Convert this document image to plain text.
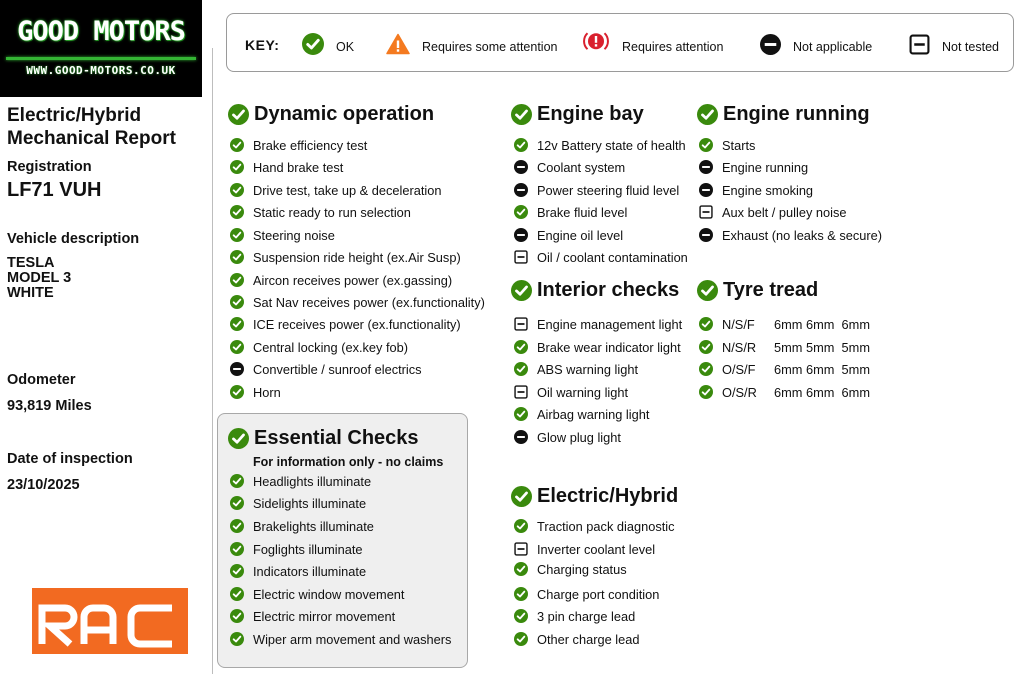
GOOD MOTORS
WWW.GOOD-MOTORS.CO.UK
Electric/Hybrid
Mechanical Report
Registration
LF71 VUH
Vehicle description
TESLA
MODEL 3
WHITE
Odometer
93,819 Miles
Date of inspection
23/10/2025
KEY:	OK	Requires some attention	Requires attention	Not applicable	Not tested
Dynamic operation
Brake efficiency test
Hand brake test
Drive test, take up & deceleration
Static ready to run selection
Steering noise
Suspension ride height (ex.Air Susp)
Aircon receives power (ex.gassing)
Sat Nav receives power (ex.functionality)
ICE receives power (ex.functionality)
Central locking (ex.key fob)
Convertible / sunroof electrics
Horn
Essential Checks
For information only - no claims
Headlights illuminate
Sidelights illuminate
Brakelights illuminate
Foglights illuminate
Indicators illuminate
Electric window movement
Electric mirror movement
Wiper arm movement and washers
Engine bay
12v Battery state of health
Coolant system
Power steering fluid level
Brake fluid level
Engine oil level
Oil / coolant contamination
Interior checks
Engine management light
Brake wear indicator light
ABS warning light
Oil warning light
Airbag warning light
Glow plug light
Electric/Hybrid
Traction pack diagnostic
Inverter coolant level
Charging status
Charge port condition
3 pin charge lead
Other charge lead
Engine running
Starts
Engine running
Engine smoking
Aux belt / pulley noise
Exhaust (no leaks & secure)
Tyre tread
N/S/F	6mm 6mm  6mm
N/S/R	5mm 5mm  5mm
O/S/F	6mm 6mm  5mm
O/S/R	6mm 6mm  6mm
